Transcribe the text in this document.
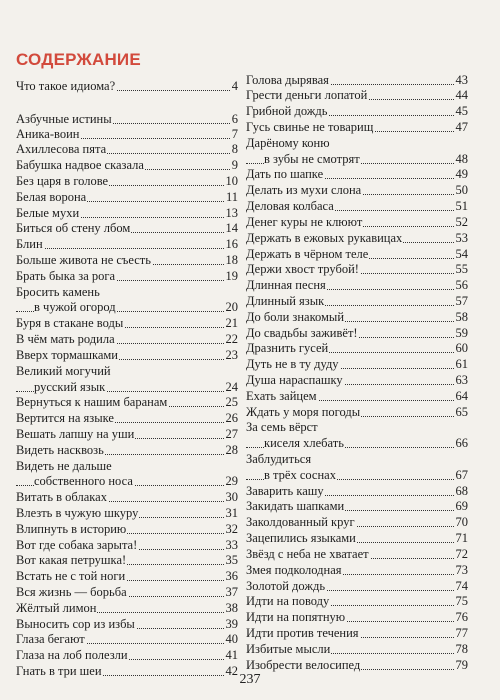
СОДЕРЖАНИЕ
Что такое идиома?	4
Азбучные истины	6
Аника-воин	7
Ахиллесова пята	8
Бабушка надвое сказала	9
Без царя в голове	10
Белая ворона	11
Белые мухи	13
Биться об стену лбом	14
Блин	16
Больше живота не съесть	18
Брать быка за рога	19
Бросить камень
в чужой огород	20
Буря в стакане воды	21
В чём мать родила	22
Вверх тормашками	23
Великий могучий
русский язык	24
Вернуться к нашим баранам	25
Вертится на языке	26
Вешать лапшу на уши	27
Видеть насквозь	28
Видеть не дальше
собственного носа	29
Витать в облаках	30
Влезть в чужую шкуру	31
Влипнуть в историю	32
Вот где собака зарыта!	33
Вот какая петрушка!	35
Встать не с той ноги	36
Вся жизнь — борьба	37
Жёлтый лимон	38
Выносить сор из избы	39
Глаза бегают	40
Глаза на лоб полезли	41
Гнать в три шеи	42
Голова дырявая	43
Грести деньги лопатой	44
Грибной дождь	45
Гусь свинье не товарищ	47
Дарёному коню
в зубы не смотрят	48
Дать по шапке	49
Делать из мухи слона	50
Деловая колбаса	51
Денег куры не клюют	52
Держать в ежовых рукавицах	53
Держать в чёрном теле	54
Держи хвост трубой!	55
Длинная песня	56
Длинный язык	57
До боли знакомый	58
До свадьбы заживёт!	59
Дразнить гусей	60
Дуть не в ту дуду	61
Душа нараспашку	63
Ехать зайцем	64
Ждать у моря погоды	65
За семь вёрст
киселя хлебать	66
Заблудиться
в трёх соснах	67
Заварить кашу	68
Закидать шапками	69
Заколдованный круг	70
Зацепились языками	71
Звёзд с неба не хватает	72
Змея подколодная	73
Золотой дождь	74
Идти на поводу	75
Идти на попятную	76
Идти против течения	77
Избитые мысли	78
Изобрести велосипед	79
237
